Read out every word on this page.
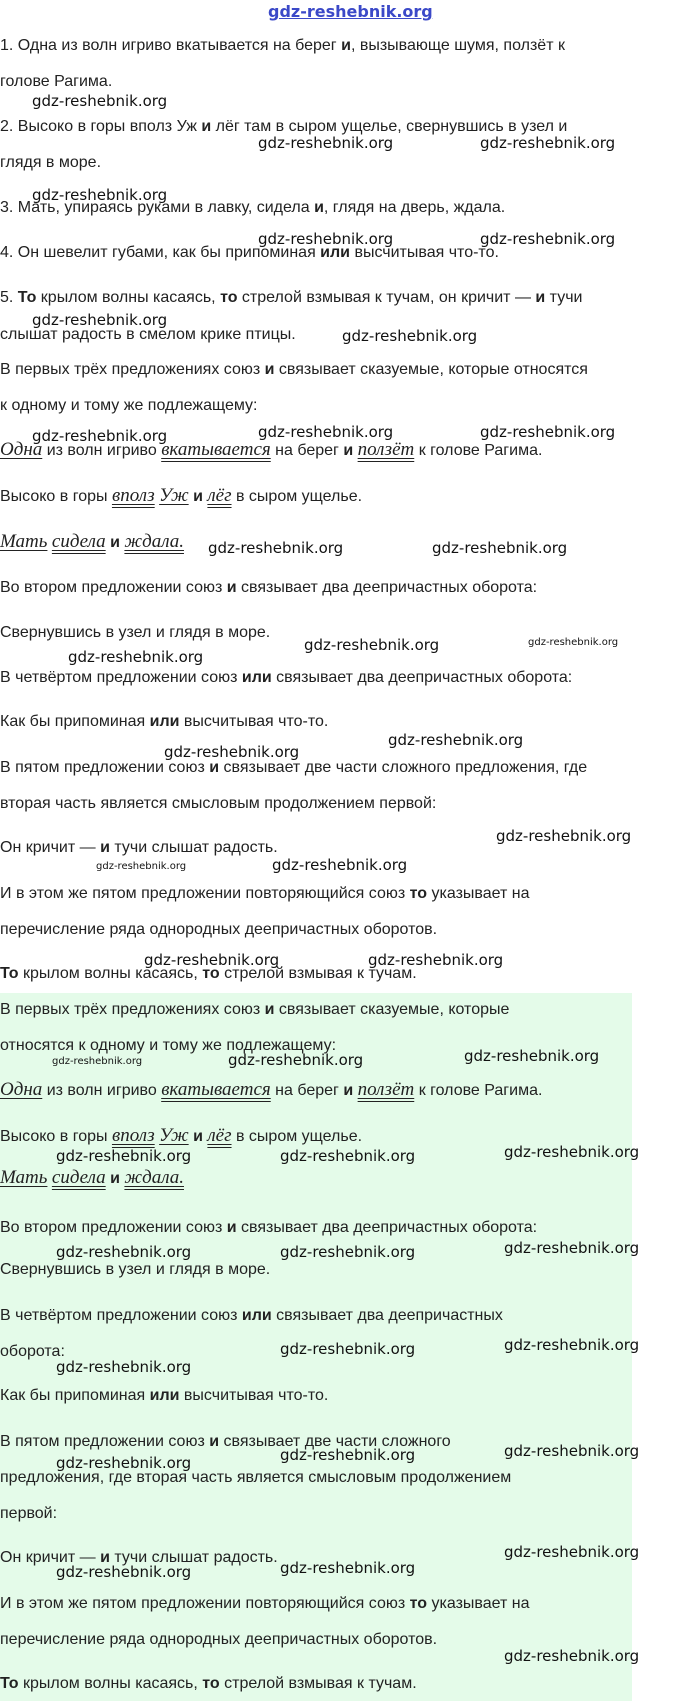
gdz-reshebnik.org
1. Одна из волн игриво вкатывается на берег и, вызывающе шумя, ползёт к
голове Рагима.
2. Высоко в горы вполз Уж и лёг там в сыром ущелье, свернувшись в узел и
глядя в море.
3. Мать, упираясь руками в лавку, сидела и, глядя на дверь, ждала.
4. Он шевелит губами, как бы припоминая или высчитывая что-то.
5. То крылом волны касаясь, то стрелой взмывая к тучам, он кричит — и тучи
слышат радость в смелом крике птицы.
В первых трёх предложениях союз и связывает сказуемые, которые относятся
к одному и тому же подлежащему:
Одна из волн игриво вкатывается на берег и ползёт к голове Рагима.
Высоко в горы вполз Уж и лёг в сыром ущелье.
Мать сидела и ждала.
Во втором предложении союз и связывает два деепричастных оборота:
Свернувшись в узел и глядя в море.
В четвёртом предложении союз или связывает два деепричастных оборота:
Как бы припоминая или высчитывая что-то.
В пятом предложении союз и связывает две части сложного предложения, где
вторая часть является смысловым продолжением первой:
Он кричит — и тучи слышат радость.
И в этом же пятом предложении повторяющийся союз то указывает на
перечисление ряда однородных деепричастных оборотов.
То крылом волны касаясь, то стрелой взмывая к тучам.
В первых трёх предложениях союз и связывает сказуемые, которые
относятся к одному и тому же подлежащему:
Одна из волн игриво вкатывается на берег и ползёт к голове Рагима.
Высоко в горы вполз Уж и лёг в сыром ущелье.
Мать сидела и ждала.
Во втором предложении союз и связывает два деепричастных оборота:
Свернувшись в узел и глядя в море.
В четвёртом предложении союз или связывает два деепричастных
оборота:
Как бы припоминая или высчитывая что-то.
В пятом предложении союз и связывает две части сложного
предложения, где вторая часть является смысловым продолжением
первой:
Он кричит — и тучи слышат радость.
И в этом же пятом предложении повторяющийся союз то указывает на
перечисление ряда однородных деепричастных оборотов.
То крылом волны касаясь, то стрелой взмывая к тучам.
gdz-reshebnik.org
gdz-reshebnik.org	gdz-reshebnik.org
gdz-reshebnik.org
gdz-reshebnik.org	gdz-reshebnik.org
gdz-reshebnik.org
gdz-reshebnik.org
gdz-reshebnik.org	gdz-reshebnik.org	gdz-reshebnik.org
gdz-reshebnik.org	gdz-reshebnik.org
gdz-reshebnik.org
gdz-reshebnik.org	gdz-reshebnik.org
gdz-reshebnik.org
gdz-reshebnik.org
gdz-reshebnik.org
gdz-reshebnik.org	gdz-reshebnik.org
gdz-reshebnik.org	gdz-reshebnik.org
gdz-reshebnik.org	gdz-reshebnik.org	gdz-reshebnik.org
gdz-reshebnik.org	gdz-reshebnik.org	gdz-reshebnik.org
gdz-reshebnik.org	gdz-reshebnik.org	gdz-reshebnik.org
gdz-reshebnik.org
gdz-reshebnik.org	gdz-reshebnik.org
gdz-reshebnik.org	gdz-reshebnik.org	gdz-reshebnik.org
gdz-reshebnik.org	gdz-reshebnik.org
gdz-reshebnik.org
gdz-reshebnik.org
